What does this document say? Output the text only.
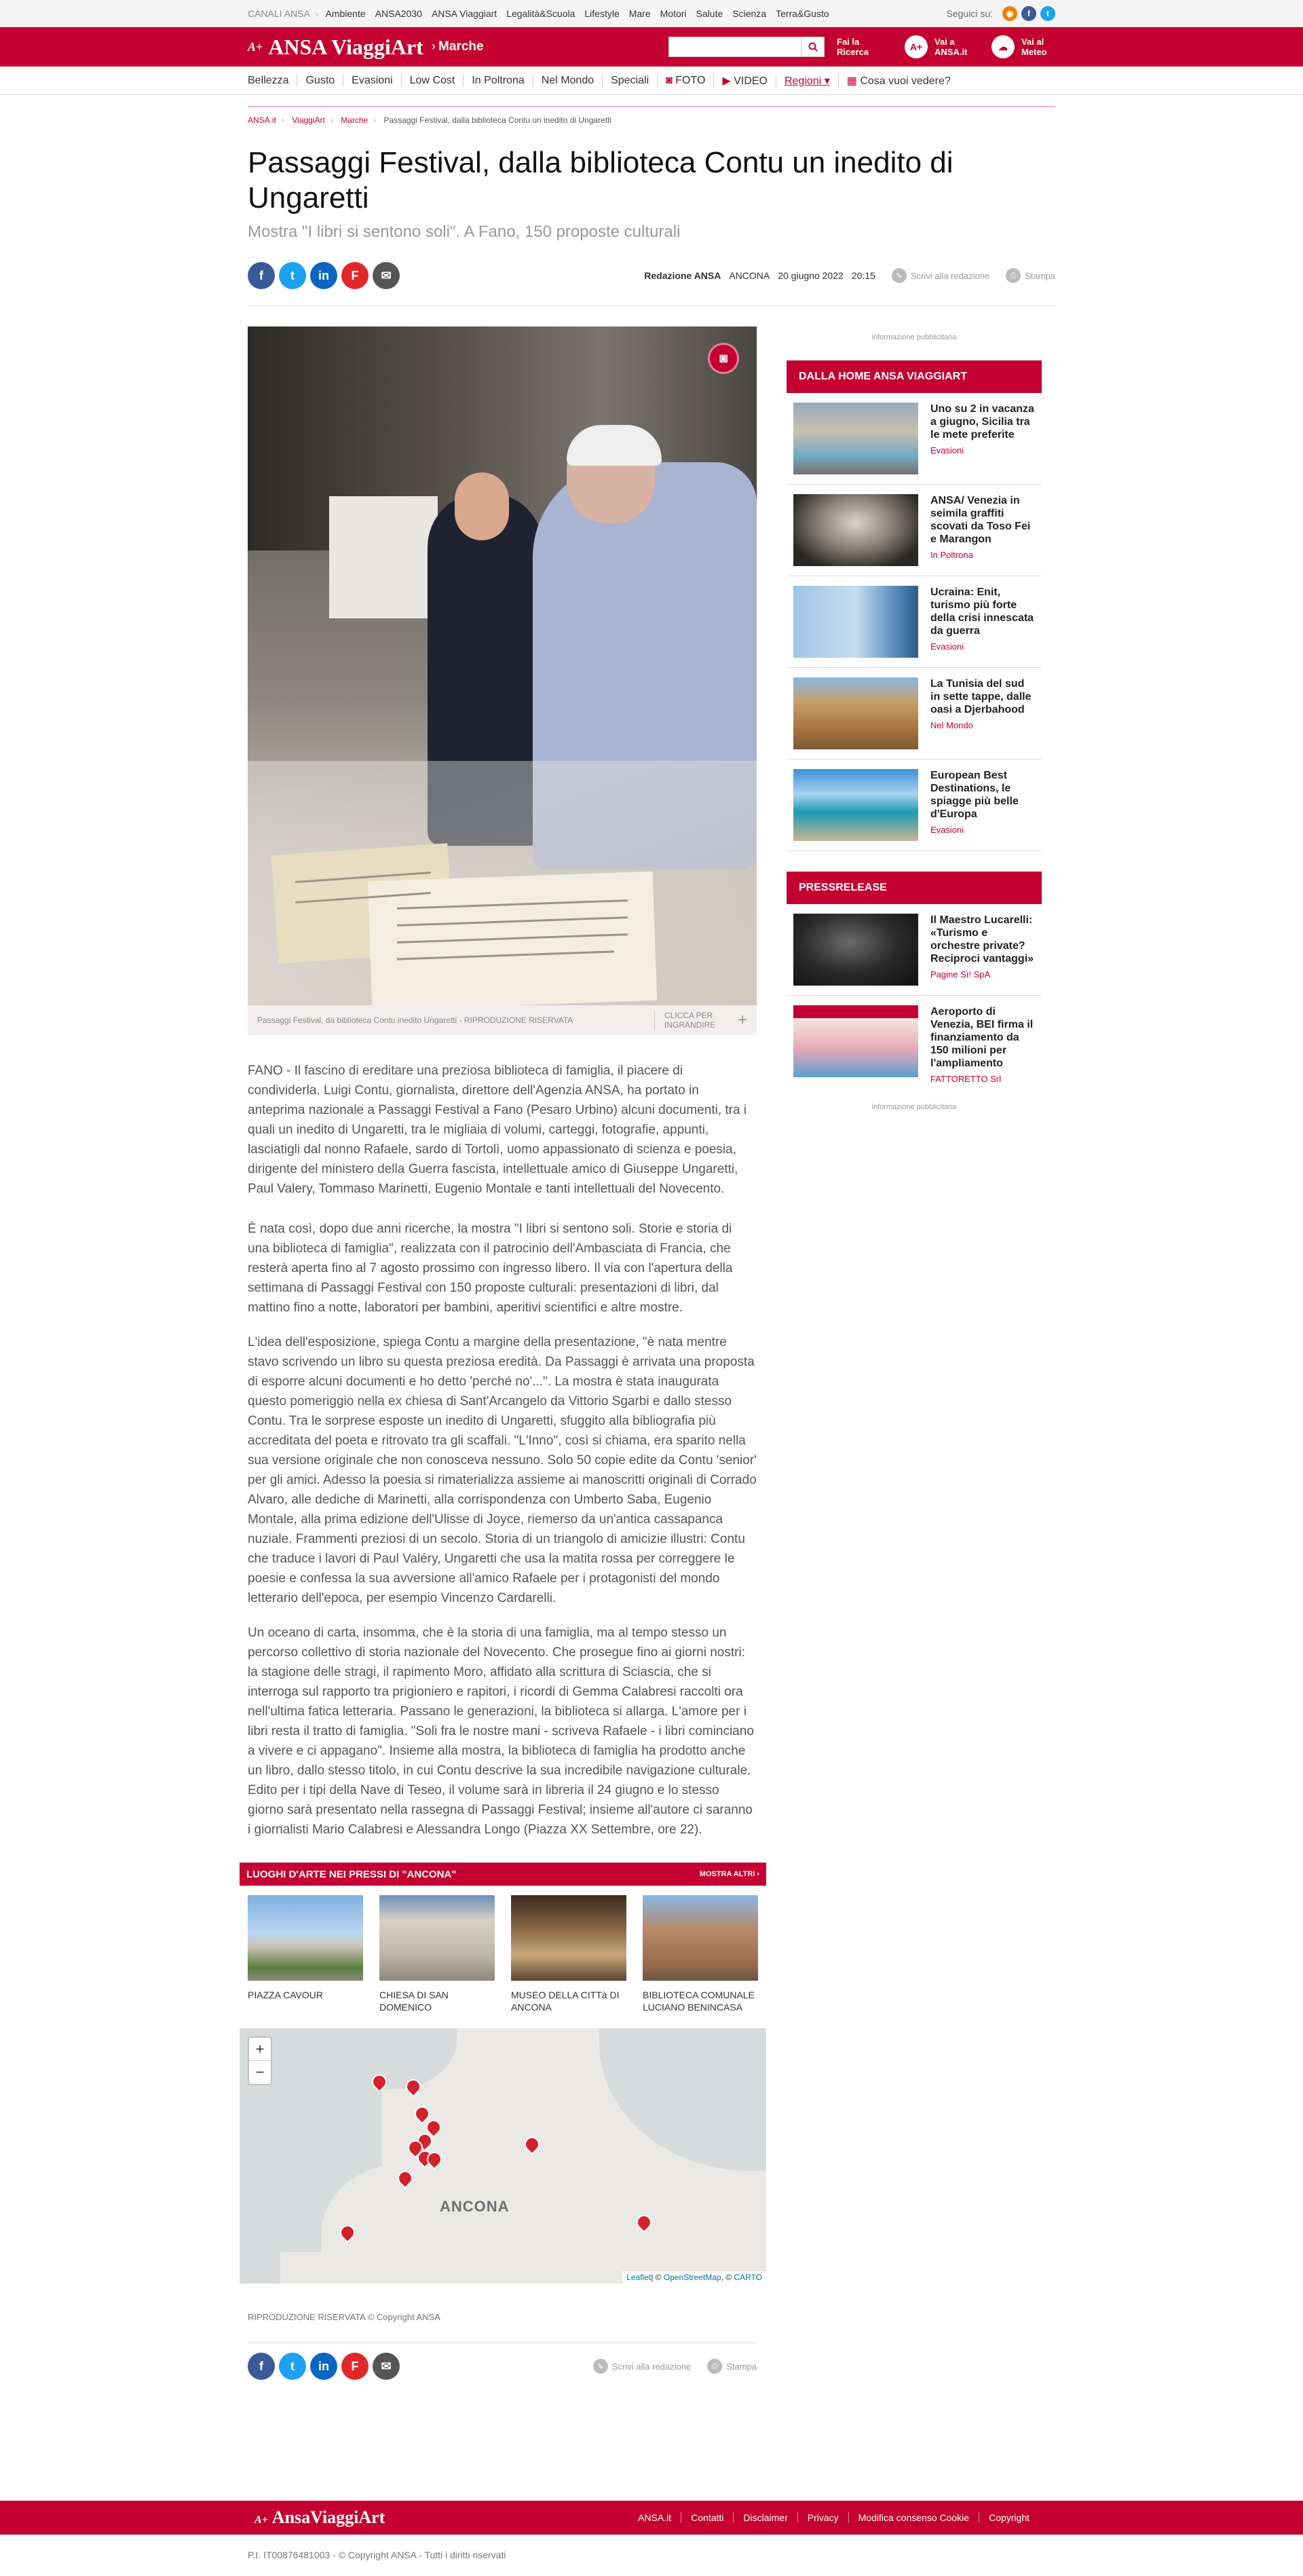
CANALI ANSA › Ambiente ANSA2030 ANSA Viaggiart Legalità&Scuola Lifestyle Mare Motori Salute Scienza Terra&Gusto	Seguici su:	◉	f	t
A+ ANSA ViaggiArt › Marche	Fai la Ricerca	A+	Vai a ANSA.it	☁	Vai al Meteo
Bellezza	Gusto	Evasioni	Low Cost	In Poltrona	Nel Mondo	Speciali	◙ FOTO	▶ VIDEO	Regioni ▾	▦ Cosa vuoi vedere?
ANSA.it › ViaggiArt › Marche › Passaggi Festival, dalla biblioteca Contu un inedito di Ungaretti
Passaggi Festival, dalla biblioteca Contu un inedito di Ungaretti
Mostra "I libri si sentono soli". A Fano, 150 proposte culturali
f	t	in	F	✉	Redazione ANSA ANCONA 20 giugno 2022 20:15	✎ Scrivi alla redazione	⎙ Stampa
◙
Passaggi Festival, da biblioteca Contu inedito Ungaretti - RIPRODUZIONE RISERVATA	CLICCA PER INGRANDIRE	+

FANO - Il fascino di ereditare una preziosa biblioteca di famiglia, il piacere di condividerla. Luigi Contu, giornalista, direttore dell'Agenzia ANSA, ha portato in anteprima nazionale a Passaggi Festival a Fano (Pesaro Urbino) alcuni documenti, tra i quali un inedito di Ungaretti, tra le migliaia di volumi, carteggi, fotografie, appunti, lasciatigli dal nonno Rafaele, sardo di Tortolì, uomo appassionato di scienza e poesia, dirigente del ministero della Guerra fascista, intellettuale amico di Giuseppe Ungaretti, Paul Valery, Tommaso Marinetti, Eugenio Montale e tanti intellettuali del Novecento.

È nata così, dopo due anni ricerche, la mostra "I libri si sentono soli. Storie e storia di una biblioteca di famiglia", realizzata con il patrocinio dell'Ambasciata di Francia, che resterà aperta fino al 7 agosto prossimo con ingresso libero. Il via con l'apertura della settimana di Passaggi Festival con 150 proposte culturali: presentazioni di libri, dal mattino fino a notte, laboratori per bambini, aperitivi scientifici e altre mostre.

L'idea dell'esposizione, spiega Contu a margine della presentazione, "è nata mentre stavo scrivendo un libro su questa preziosa eredità. Da Passaggi è arrivata una proposta di esporre alcuni documenti e ho detto 'perché no'...". La mostra è stata inaugurata questo pomeriggio nella ex chiesa di Sant'Arcangelo da Vittorio Sgarbi e dallo stesso Contu. Tra le sorprese esposte un inedito di Ungaretti, sfuggito alla bibliografia più accreditata del poeta e ritrovato tra gli scaffali. "L'Inno", così si chiama, era sparito nella sua versione originale che non conosceva nessuno. Solo 50 copie edite da Contu 'senior' per gli amici. Adesso la poesia si rimaterializza assieme ai manoscritti originali di Corrado Alvaro, alle dediche di Marinetti, alla corrispondenza con Umberto Saba, Eugenio Montale, alla prima edizione dell'Ulisse di Joyce, riemerso da un'antica cassapanca nuziale. Frammenti preziosi di un secolo. Storia di un triangolo di amicizie illustri: Contu che traduce i lavori di Paul Valéry, Ungaretti che usa la matita rossa per correggere le poesie e confessa la sua avversione all'amico Rafaele per i protagonisti del mondo letterario dell'epoca, per esempio Vincenzo Cardarelli.

Un oceano di carta, insomma, che è la storia di una famiglia, ma al tempo stesso un percorso collettivo di storia nazionale del Novecento. Che prosegue fino ai giorni nostri: la stagione delle stragi, il rapimento Moro, affidato alla scrittura di Sciascia, che si interroga sul rapporto tra prigioniero e rapitori, i ricordi di Gemma Calabresi raccolti ora nell'ultima fatica letteraria. Passano le generazioni, la biblioteca si allarga. L'amore per i libri resta il tratto di famiglia. "Soli fra le nostre mani - scriveva Rafaele - i libri cominciano a vivere e ci appagano". Insieme alla mostra, la biblioteca di famiglia ha prodotto anche un libro, dallo stesso titolo, in cui Contu descrive la sua incredibile navigazione culturale. Edito per i tipi della Nave di Teseo, il volume sarà in libreria il 24 giugno e lo stesso giorno sarà presentato nella rassegna di Passaggi Festival; insieme all'autore ci saranno i giornalisti Mario Calabresi e Alessandra Longo (Piazza XX Settembre, ore 22).

LUOGHI D'ARTE NEI PRESSI DI "ANCONA"	MOSTRA ALTRI
›
PIAZZA CAVOUR	CHIESA DI SAN DOMENICO
MUSEO DELLA CITTà DI ANCONA
BIBLIOTECA COMUNALE LUCIANO BENINCASA
+
−
ANCONA
Leaflet| © OpenStreetMap, © CARTO
RIPRODUZIONE RISERVATA © Copyright ANSA
f	t	in	F	✉	✎ Scrivi alla redazione	⎙ Stampa
informazione pubblicitaria
DALLA HOME ANSA VIAGGIART
Uno su 2 in vacanza a giugno, Sicilia tra le mete preferite
Evasioni
ANSA/ Venezia in seimila graffiti scovati da Toso Fei e Marangon
In Poltrona
Ucraina: Enit, turismo più forte della crisi innescata da guerra
Evasioni
La Tunisia del sud in sette tappe, dalle oasi a Djerbahood
Nel Mondo
European Best Destinations, le spiagge più belle d'Europa
Evasioni
PRESSRELEASE
Il Maestro Lucarelli: «Turismo e orchestre private? Reciproci vantaggi»
Pagine Sì! SpA
Aeroporto di Venezia, BEI firma il finanziamento da 150 milioni per l'ampliamento
FATTORETTO Srl
informazione pubblicitaria
A+ AnsaViaggiArt	ANSA.it	Contatti	Disclaimer	Privacy	Modifica consenso Cookie	Copyright
P.I. IT00876481003 - © Copyright ANSA - Tutti i diritti riservati
